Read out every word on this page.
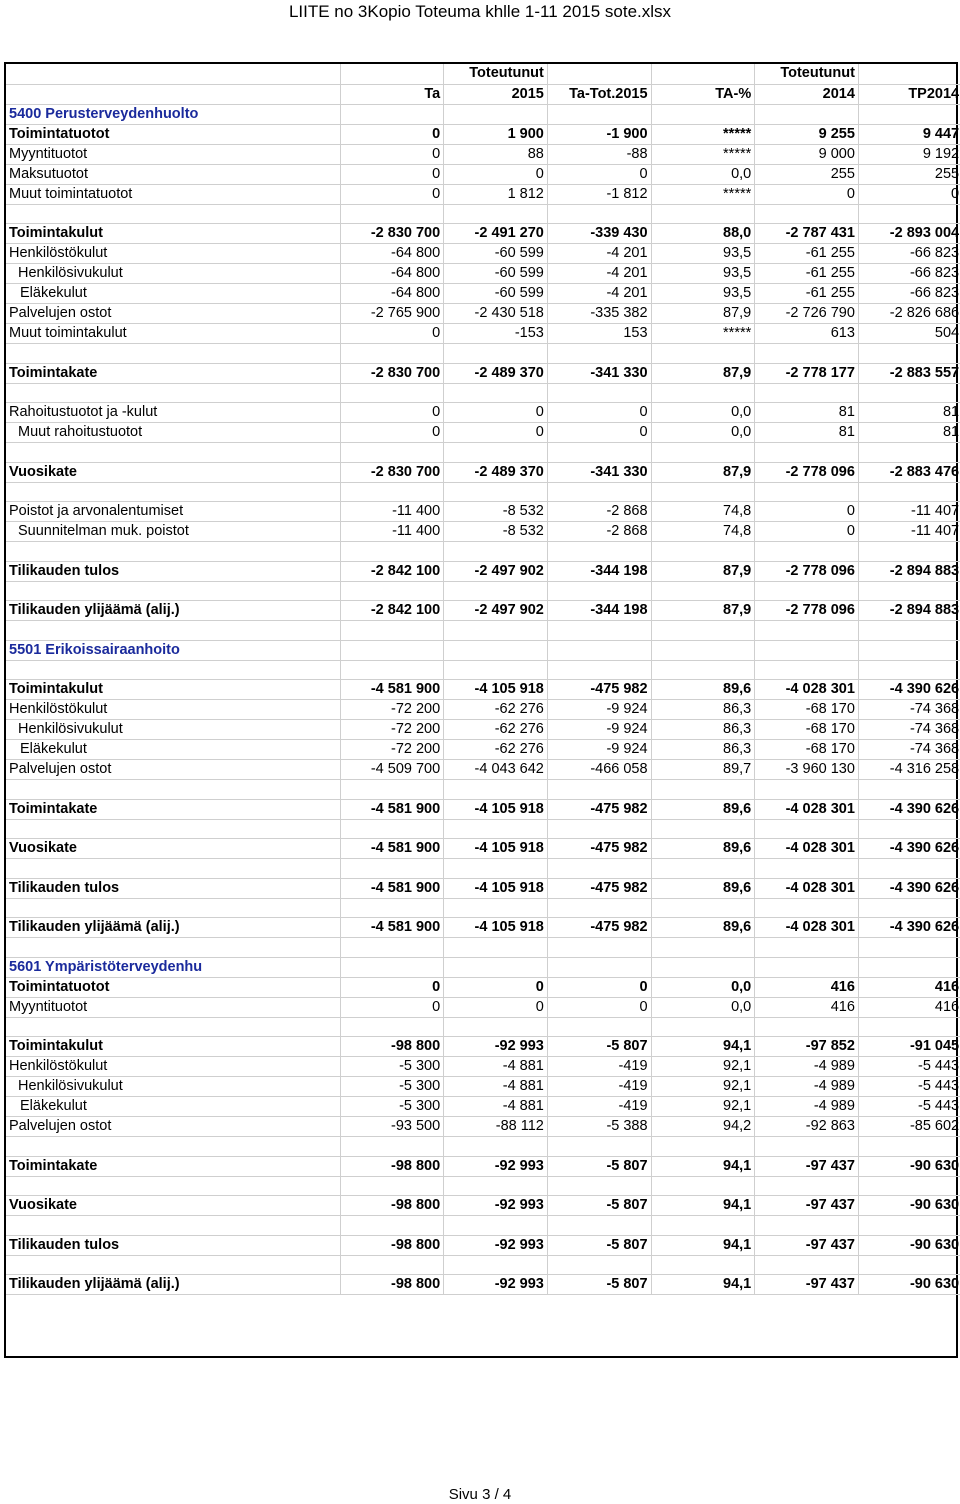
LIITE no 3Kopio Toteuma khlle 1-11 2015 sote.xlsx
		Toteutunut			Toteutunut	
	Ta	2015	Ta-Tot.2015	TA-%	2014	TP2014
5400 Perusterveydenhuolto						
Toimintatuotot	0	1 900	-1 900	*****	9 255	9 447
Myyntituotot	0	88	-88	*****	9 000	9 192
Maksutuotot	0	0	0	0,0	255	255
Muut toimintatuotot	0	1 812	-1 812	*****	0	0

Toimintakulut	-2 830 700	-2 491 270	-339 430	88,0	-2 787 431	-2 893 004
Henkilöstökulut	-64 800	-60 599	-4 201	93,5	-61 255	-66 823
Henkilösivukulut	-64 800	-60 599	-4 201	93,5	-61 255	-66 823
Eläkekulut	-64 800	-60 599	-4 201	93,5	-61 255	-66 823
Palvelujen ostot	-2 765 900	-2 430 518	-335 382	87,9	-2 726 790	-2 826 686
Muut toimintakulut	0	-153	153	*****	613	504

Toimintakate	-2 830 700	-2 489 370	-341 330	87,9	-2 778 177	-2 883 557

Rahoitustuotot ja -kulut	0	0	0	0,0	81	81
Muut rahoitustuotot	0	0	0	0,0	81	81

Vuosikate	-2 830 700	-2 489 370	-341 330	87,9	-2 778 096	-2 883 476

Poistot ja arvonalentumiset	-11 400	-8 532	-2 868	74,8	0	-11 407
Suunnitelman muk. poistot	-11 400	-8 532	-2 868	74,8	0	-11 407

Tilikauden tulos	-2 842 100	-2 497 902	-344 198	87,9	-2 778 096	-2 894 883

Tilikauden ylijäämä (alij.)	-2 842 100	-2 497 902	-344 198	87,9	-2 778 096	-2 894 883

5501 Erikoissairaanhoito						

Toimintakulut	-4 581 900	-4 105 918	-475 982	89,6	-4 028 301	-4 390 626
Henkilöstökulut	-72 200	-62 276	-9 924	86,3	-68 170	-74 368
Henkilösivukulut	-72 200	-62 276	-9 924	86,3	-68 170	-74 368
Eläkekulut	-72 200	-62 276	-9 924	86,3	-68 170	-74 368
Palvelujen ostot	-4 509 700	-4 043 642	-466 058	89,7	-3 960 130	-4 316 258

Toimintakate	-4 581 900	-4 105 918	-475 982	89,6	-4 028 301	-4 390 626

Vuosikate	-4 581 900	-4 105 918	-475 982	89,6	-4 028 301	-4 390 626

Tilikauden tulos	-4 581 900	-4 105 918	-475 982	89,6	-4 028 301	-4 390 626

Tilikauden ylijäämä (alij.)	-4 581 900	-4 105 918	-475 982	89,6	-4 028 301	-4 390 626

5601 Ympäristöterveydenhu						
Toimintatuotot	0	0	0	0,0	416	416
Myyntituotot	0	0	0	0,0	416	416

Toimintakulut	-98 800	-92 993	-5 807	94,1	-97 852	-91 045
Henkilöstökulut	-5 300	-4 881	-419	92,1	-4 989	-5 443
Henkilösivukulut	-5 300	-4 881	-419	92,1	-4 989	-5 443
Eläkekulut	-5 300	-4 881	-419	92,1	-4 989	-5 443
Palvelujen ostot	-93 500	-88 112	-5 388	94,2	-92 863	-85 602

Toimintakate	-98 800	-92 993	-5 807	94,1	-97 437	-90 630

Vuosikate	-98 800	-92 993	-5 807	94,1	-97 437	-90 630

Tilikauden tulos	-98 800	-92 993	-5 807	94,1	-97 437	-90 630

Tilikauden ylijäämä (alij.)	-98 800	-92 993	-5 807	94,1	-97 437	-90 630
Sivu 3 / 4
